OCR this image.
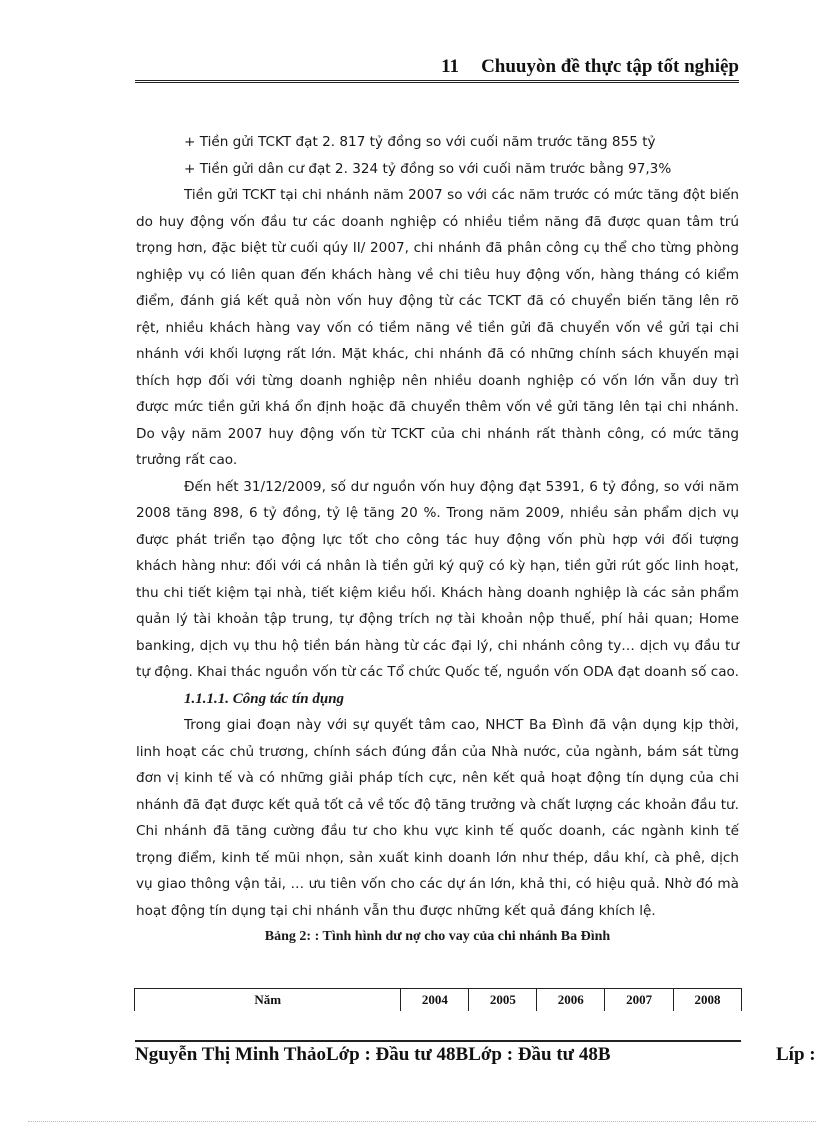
11 Chuuyòn đề thực tập tốt nghiệp

+ Tiền gửi TCKT đạt 2. 817 tỷ đồng so với cuối năm trước tăng 855 tỷ

+ Tiền gửi dân cư đạt 2. 324 tỷ đồng so với cuối năm trước bằng 97,3%

Tiền gửi TCKT tại chi nhánh năm 2007 so với các năm trước có mức tăng đột biến do huy động vốn đầu tư các doanh nghiệp có nhiều tiềm năng đã được quan tâm trú trọng hơn, đặc biệt từ cuối qúy II/ 2007, chi nhánh đã phân công cụ thể cho từng phòng nghiệp vụ có liên quan đến khách hàng về chi tiêu huy động vốn, hàng tháng có kiểm điểm, đánh giá kết quả nòn vốn huy động từ các TCKT đã có chuyển biến tăng lên rõ rệt, nhiều khách hàng vay vốn có tiềm năng về tiền gửi đã chuyển vốn về gửi tại chi nhánh với khối lượng rất lớn. Mặt khác, chi nhánh đã có những chính sách khuyến mại thích hợp đối với từng doanh nghiệp nên nhiều doanh nghiệp có vốn lớn vẫn duy trì được mức tiền gửi khá ổn định hoặc đã chuyển thêm vốn về gửi tăng lên tại chi nhánh. Do vậy năm 2007 huy động vốn từ TCKT của chi nhánh rất thành công, có mức tăng trưởng rất cao.

Đến hết 31/12/2009, số dư nguồn vốn huy động đạt 5391, 6 tỷ đồng, so với năm 2008 tăng 898, 6 tỷ đồng, tỷ lệ tăng 20 %. Trong năm 2009, nhiều sản phẩm dịch vụ được phát triển tạo động lực tốt cho công tác huy động vốn phù hợp với đối tượng khách hàng như: đối với cá nhân là tiền gửi ký quỹ có kỳ hạn, tiền gửi rút gốc linh hoạt, thu chi tiết kiệm tại nhà, tiết kiệm kiều hối. Khách hàng doanh nghiệp là các sản phẩm quản lý tài khoản tập trung, tự động trích nợ tài khoản nộp thuế, phí hải quan; Home banking, dịch vụ thu hộ tiền bán hàng từ các đại lý, chi nhánh công ty… dịch vụ đầu tư tự động. Khai thác nguồn vốn từ các Tổ chức Quốc tế, nguồn vốn ODA đạt doanh số cao.

1.1.1.1. Công tác tín dụng

Trong giai đoạn này với sự quyết tâm cao, NHCT Ba Đình đã vận dụng kịp thời, linh hoạt các chủ trương, chính sách đúng đắn của Nhà nước, của ngành, bám sát từng đơn vị kinh tế và có những giải pháp tích cực, nên kết quả hoạt động tín dụng của chi nhánh đã đạt được kết quả tốt cả về tốc độ tăng trưởng và chất lượng các khoản đầu tư. Chi nhánh đã tăng cường đầu tư cho khu vực kinh tế quốc doanh, các ngành kinh tế trọng điểm, kinh tế mũi nhọn, sản xuất kinh doanh lớn như thép, dầu khí, cà phê, dịch vụ giao thông vận tải, … ưu tiên vốn cho các dự án lớn, khả thi, có hiệu quả. Nhờ đó mà hoạt động tín dụng tại chi nhánh vẫn thu được những kết quả đáng khích lệ.

Bảng 2: : Tình hình dư nợ cho vay của chi nhánh Ba Đình

Năm	2004	2005	2006	2007	2008
Nguyễn Thị Minh ThảoLớp : Đầu tư 48BLớp : Đầu tư 48B	Líp :
